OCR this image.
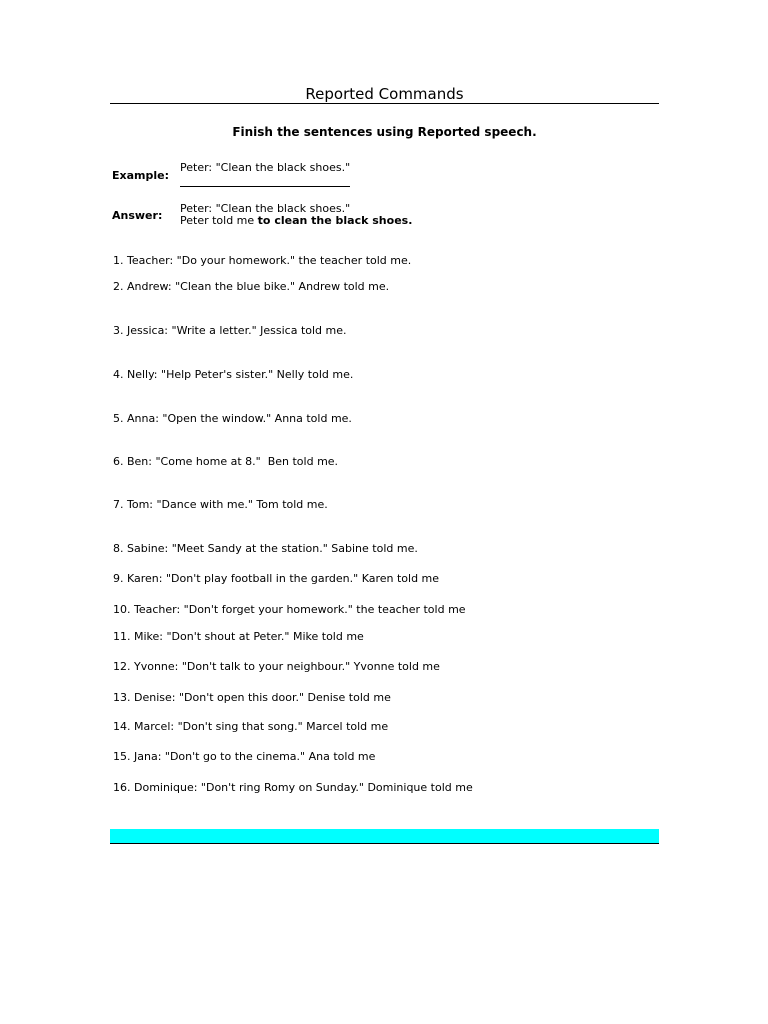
Reported Commands
Finish the sentences using Reported speech.
Example:
Peter: "Clean the black shoes."
Answer:
Peter: "Clean the black shoes."
Peter told me to clean the black shoes.
1. Teacher: "Do your homework." the teacher told me.
2. Andrew: "Clean the blue bike." Andrew told me.
3. Jessica: "Write a letter." Jessica told me.
4. Nelly: "Help Peter's sister." Nelly told me.
5. Anna: "Open the window." Anna told me.
6. Ben: "Come home at 8."  Ben told me.
7. Tom: "Dance with me." Tom told me.
8. Sabine: "Meet Sandy at the station." Sabine told me.
9. Karen: "Don't play football in the garden." Karen told me
10. Teacher: "Don't forget your homework." the teacher told me
11. Mike: "Don't shout at Peter." Mike told me
12. Yvonne: "Don't talk to your neighbour." Yvonne told me
13. Denise: "Don't open this door." Denise told me
14. Marcel: "Don't sing that song." Marcel told me
15. Jana: "Don't go to the cinema." Ana told me
16. Dominique: "Don't ring Romy on Sunday." Dominique told me
